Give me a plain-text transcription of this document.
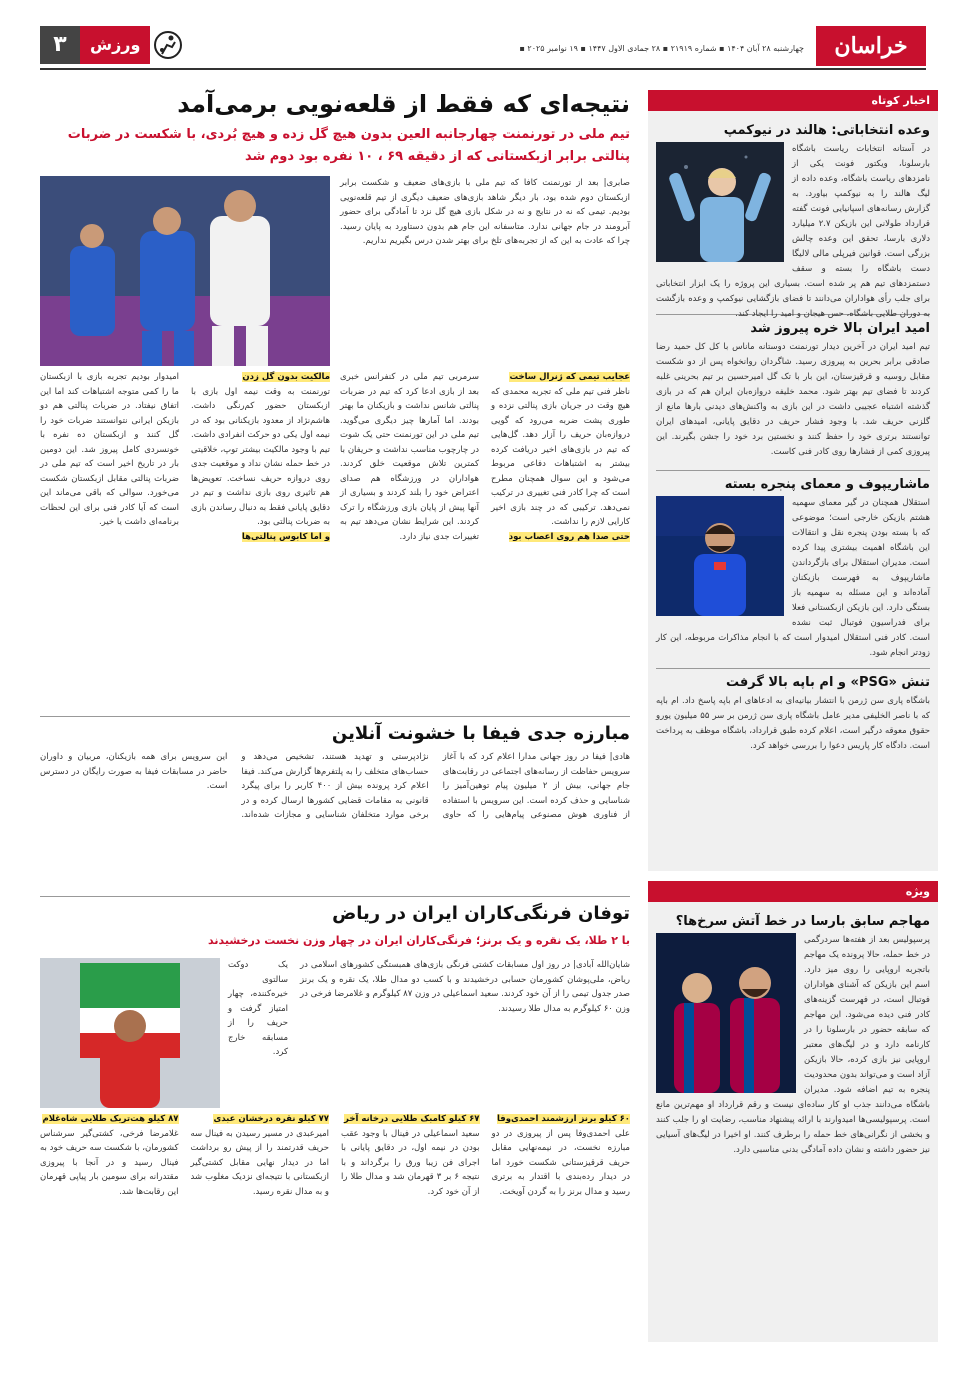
خراسان
چهارشنبه ۲۸ آبان ۱۴۰۴ ▪ شماره ۲۱۹۱۹ ▪ ۲۸ جمادی الاول ۱۴۴۷ ▪ ۱۹ نوامبر ۲۰۲۵ ▪
۳	ورزش
اخبار کوتاه
وعده انتخاباتی: هالند در نیوکمپ
در آستانه انتخابات ریاست باشگاه بارسلونا، ویکتور فونت یکی از نامزدهای ریاست باشگاه، وعده داده از لیگ هالند را به نیوکمپ بیاورد. به گزارش رسانه‌های اسپانیایی فونت گفته قرارداد طولانی این بازیکن ۲.۷ میلیارد دلاری بارسا، تحقق این وعده چالش بزرگی است. قوانین فیرپلی مالی لالیگا دست باشگاه را بسته و سقف دستمزدهای تیم هم پر شده است. بسیاری این پروژه را یک ابزار انتخاباتی برای جلب رأی هواداران می‌دانند تا فضای بازگشایی نیوکمپ و وعده بازگشت به دوران طلایی باشگاه، حس هیجان و امید را ایجاد کند.
امید ایران بالا خره پیروز شد
تیم امید ایران در آخرین دیدار تورنمنت دوستانه ماناس با کل کل حمید رضا صادقی برابر بحرین به پیروزی رسید. شاگردان روانخواه پس از دو شکست مقابل روسیه و قرقیزستان، این بار با تک گل امیرحسین بر تیم بحرینی غلبه کردند تا فضای تیم بهتر شود. محمد خلیفه دروازه‌بان ایران هم که در بازی گذشته اشتباه عجیبی داشت در این بازی به واکنش‌های دیدنی بارها مانع از گلزنی حریف شد. با وجود فشار حریف در دقایق پایانی، امیدهای ایران توانستند برتری خود را حفظ کنند و نخستین برد خود را جشن بگیرند. این پیروزی کمی از فشارها روی کادر فنی کاست.
ماشاریپوف و معمای پنجره بسته
استقلال همچنان در گیر معمای سهمیه هشتم بازیکن خارجی است؛ موضوعی که با بسته بودن پنجره نقل و انتقالات این باشگاه اهمیت بیشتری پیدا کرده است. مدیران استقلال برای بازگرداندن ماشاریپوف به فهرست بازیکنان آماده‌اند و این مسئله به سهمیه باز بستگی دارد. این بازیکن ازبکستانی فعلا برای فدراسیون فوتبال ثبت نشده است. کادر فنی استقلال امیدوار است که با انجام مذاکرات مربوطه، این کار زودتر انجام شود.
تنش «PSG» و ام باپه بالا گرفت
باشگاه پاری سن ژرمن با انتشار بیانیه‌ای به ادعاهای ام باپه پاسخ داد. ام باپه که با ناصر الخلیفی مدیر عامل باشگاه پاری سن ژرمن بر سر ۵۵ میلیون یورو حقوق معوقه درگیر است، اعلام کرده طبق قرارداد، باشگاه موظف به پرداخت است. دادگاه کار پاریس دعوا را بررسی خواهد کرد.
ویژه
مهاجم سابق بارسا در خط آتش سرخ‌ها؟
پرسپولیس بعد از هفته‌ها سردرگمی در خط حمله، حالا پرونده یک مهاجم باتجربه اروپایی را روی میز دارد. اسم این بازیکن که آشنای هواداران فوتبال است، در فهرست گزینه‌های کادر فنی دیده می‌شود. این مهاجم که سابقه حضور در بارسلونا را در کارنامه دارد و در لیگ‌های معتبر اروپایی نیز بازی کرده، حالا بازیکن آزاد است و می‌تواند بدون محدودیت پنجره به تیم اضافه شود. مدیران باشگاه می‌دانند جذب او کار ساده‌ای نیست و رقم قرارداد او مهم‌ترین مانع است. پرسپولیسی‌ها امیدوارند با ارائه پیشنهاد مناسب، رضایت او را جلب کنند و بخشی از نگرانی‌های خط حمله را برطرف کنند. او اخیرا در لیگ‌های آسیایی نیز حضور داشته و نشان داده آمادگی بدنی مناسبی دارد.
نتیجه‌ای که فقط از قلعه‌نویی برمی‌آمد
تیم ملی در تورنمنت چهارجانبه العین بدون هیچ گل زده و هیچ بُردی، با شکست در ضربات پنالتی برابر ازبکستانی که از دقیقه ۶۹ ، ۱۰ نفره بود دوم شد
صابری| بعد از تورنمنت کافا که تیم ملی با بازی‌های ضعیف و شکست برابر ازبکستان دوم شده بود، بار دیگر شاهد بازی‌های ضعیف دیگری از تیم قلعه‌نویی بودیم. تیمی که نه در نتایج و نه در شکل بازی هیچ گل نزد تا آمادگی برای حضور آبرومند در جام جهانی ندارد. متاسفانه این جام هم بدون دستاورد به پایان رسید. چرا که عادت به این که از تجربه‌های تلخ برای بهتر شدن درس بگیریم نداریم.
عجایب تیمی که ژنرال ساخت

ناظر فنی تیم ملی که تجربه محمدی که هیچ وقت در جریان بازی پنالتی نزده و طوری پشت ضربه می‌رود که گویی دروازه‌بان حریف را آزار دهد. گل‌هایی که تیم در بازی‌های اخیر دریافت کرده بیشتر به اشتباهات دفاعی مربوط می‌شود و این سوال همچنان مطرح است که چرا کادر فنی تغییری در ترکیب نمی‌دهد. ترکیبی که در چند بازی اخیر کارایی لازم را نداشت.

حتی صدا هم روی اعصاب بود

سرمربی تیم ملی در کنفرانس خبری بعد از بازی ادعا کرد که تیم در ضربات پنالتی شانس نداشت و بازیکنان ما بهتر بودند. اما آمارها چیز دیگری می‌گوید. تیم ملی در این تورنمنت حتی یک شوت در چارچوب مناسب نداشت و حریفان با کمترین تلاش موقعیت خلق کردند. هواداران در ورزشگاه هم صدای اعتراض خود را بلند کردند و بسیاری از آنها پیش از پایان بازی ورزشگاه را ترک کردند. این شرایط نشان می‌دهد تیم به تغییرات جدی نیاز دارد.

مالکیت بدون گل زدن

تورنمنت به وقت نیمه اول بازی با ازبکستان حضور کم‌رنگی داشت. هاشم‌نژاد از معدود بازیکنانی بود که در نیمه اول یکی دو حرکت انفرادی داشت. تیم با وجود مالکیت بیشتر توپ، خلاقیتی در خط حمله نشان نداد و موقعیت جدی روی دروازه حریف نساخت. تعویض‌ها هم تاثیری روی بازی نداشت و تیم در دقایق پایانی فقط به دنبال رساندن بازی به ضربات پنالتی بود.

و اما کابوس پنالتی‌ها

امیدوار بودیم تجربه بازی با ازبکستان ما را کمی متوجه اشتباهات کند اما این اتفاق نیفتاد. در ضربات پنالتی هم دو بازیکن ایرانی نتوانستند ضربات خود را گل کنند و ازبکستان ده نفره با خونسردی کامل پیروز شد. این دومین بار در تاریخ اخیر است که تیم ملی در ضربات پنالتی مقابل ازبکستان شکست می‌خورد. سوالی که باقی می‌ماند این است که آیا کادر فنی برای این لحظات برنامه‌ای داشت یا خیر.

مبارزه جدی فیفا با خشونت آنلاین
هادی| فیفا در روز جهانی مدارا اعلام کرد که با آغاز سرویس حفاظت از رسانه‌های اجتماعی در رقابت‌های جام جهانی، بیش از ۲ میلیون پیام توهین‌آمیز را شناسایی و حذف کرده است. این سرویس با استفاده از فناوری هوش مصنوعی پیام‌هایی را که حاوی نژادپرستی و تهدید هستند، تشخیص می‌دهد و حساب‌های متخلف را به پلتفرم‌ها گزارش می‌کند. فیفا اعلام کرد پرونده بیش از ۴۰۰ کاربر را برای پیگرد قانونی به مقامات قضایی کشورها ارسال کرده و در برخی موارد متخلفان شناسایی و مجازات شده‌اند. این سرویس برای همه بازیکنان، مربیان و داوران حاضر در مسابقات فیفا به صورت رایگان در دسترس است.
توفان فرنگی‌کاران ایران در ریاض
با ۲ طلا، یک نقره و یک برنز؛ فرنگی‌کاران ایران در چهار وزن نخست درخشیدند
شایان‌الله آبادی| در روز اول مسابقات کشتی فرنگی بازی‌های همبستگی کشورهای اسلامی در ریاض، ملی‌پوشان کشورمان حسابی درخشیدند و با کسب دو مدال طلا، یک نقره و یک برنز صدر جدول تیمی را از آن خود کردند. سعید اسماعیلی در وزن ۸۷ کیلوگرم و غلامرضا فرخی در وزن ۶۰ کیلوگرم به مدال طلا رسیدند.
یک دوکت سالتوی خیره‌کننده، چهار امتیاز گرفت و حریف را از مسابقه خارج کرد.
۶۰ کیلو برنز ارزشمند احمدی‌وفا

علی احمدی‌وفا پس از پیروزی در دو مبارزه نخست، در نیمه‌نهایی مقابل حریف قرقیزستانی شکست خورد اما در دیدار رده‌بندی با اقتدار به برتری رسید و مدال برنز را به گردن آویخت.

۶۷ کیلو کامبک طلایی درخانه آخر

سعید اسماعیلی در فینال با وجود عقب بودن در نیمه اول، در دقایق پایانی با اجرای فن زیبا ورق را برگرداند و با نتیجه ۶ بر ۳ قهرمان شد و مدال طلا را از آن خود کرد.

۷۷ کیلو نقره درخشان عبدی

امیرعبدی در مسیر رسیدن به فینال سه حریف قدرتمند را از پیش رو برداشت اما در دیدار نهایی مقابل کشتی‌گیر ازبکستانی با نتیجه‌ای نزدیک مغلوب شد و به مدال نقره رسید.

۸۷ کیلو هت‌تریک طلایی شاه‌غلام

غلامرضا فرخی، کشتی‌گیر سرشناس کشورمان، با شکست سه حریف خود به فینال رسید و در آنجا با پیروزی مقتدرانه برای سومین بار پیاپی قهرمان این رقابت‌ها شد.
